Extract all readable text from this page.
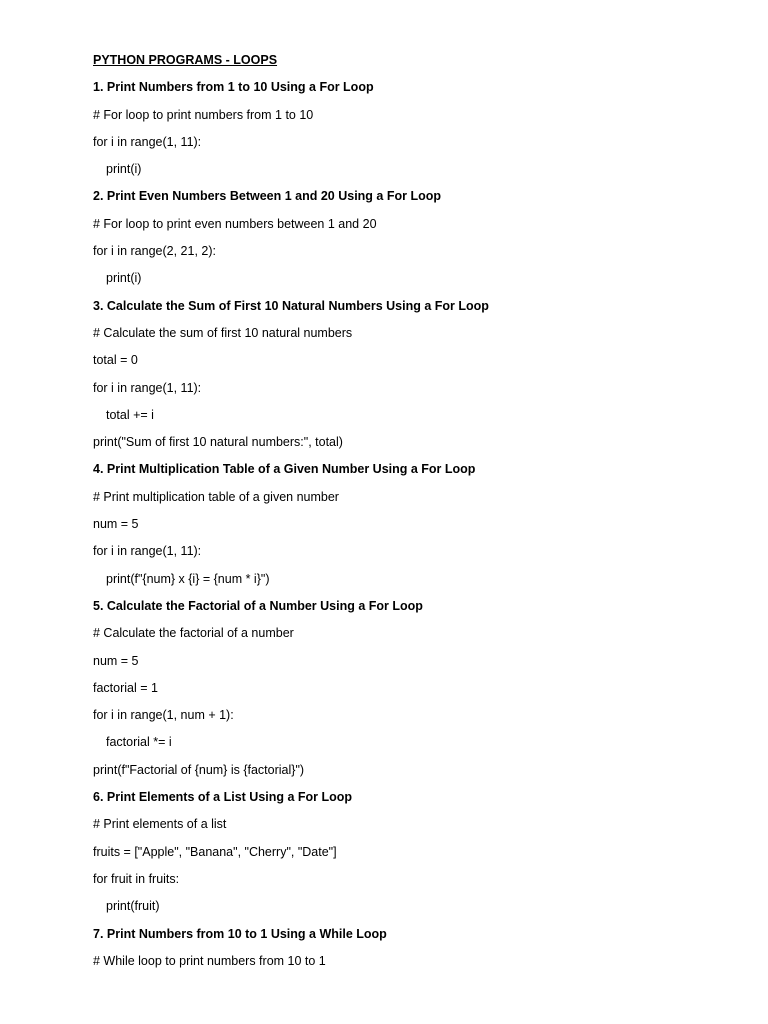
PYTHON PROGRAMS - LOOPS
1. Print Numbers from 1 to 10 Using a For Loop
# For loop to print numbers from 1 to 10
for i in range(1, 11):
print(i)
2. Print Even Numbers Between 1 and 20 Using a For Loop
# For loop to print even numbers between 1 and 20
for i in range(2, 21, 2):
print(i)
3. Calculate the Sum of First 10 Natural Numbers Using a For Loop
# Calculate the sum of first 10 natural numbers
total = 0
for i in range(1, 11):
total += i
print("Sum of first 10 natural numbers:", total)
4. Print Multiplication Table of a Given Number Using a For Loop
# Print multiplication table of a given number
num = 5
for i in range(1, 11):
print(f"{num} x {i} = {num * i}")
5. Calculate the Factorial of a Number Using a For Loop
# Calculate the factorial of a number
num = 5
factorial = 1
for i in range(1, num + 1):
factorial *= i
print(f"Factorial of {num} is {factorial}")
6. Print Elements of a List Using a For Loop
# Print elements of a list
fruits = ["Apple", "Banana", "Cherry", "Date"]
for fruit in fruits:
print(fruit)
7. Print Numbers from 10 to 1 Using a While Loop
# While loop to print numbers from 10 to 1
